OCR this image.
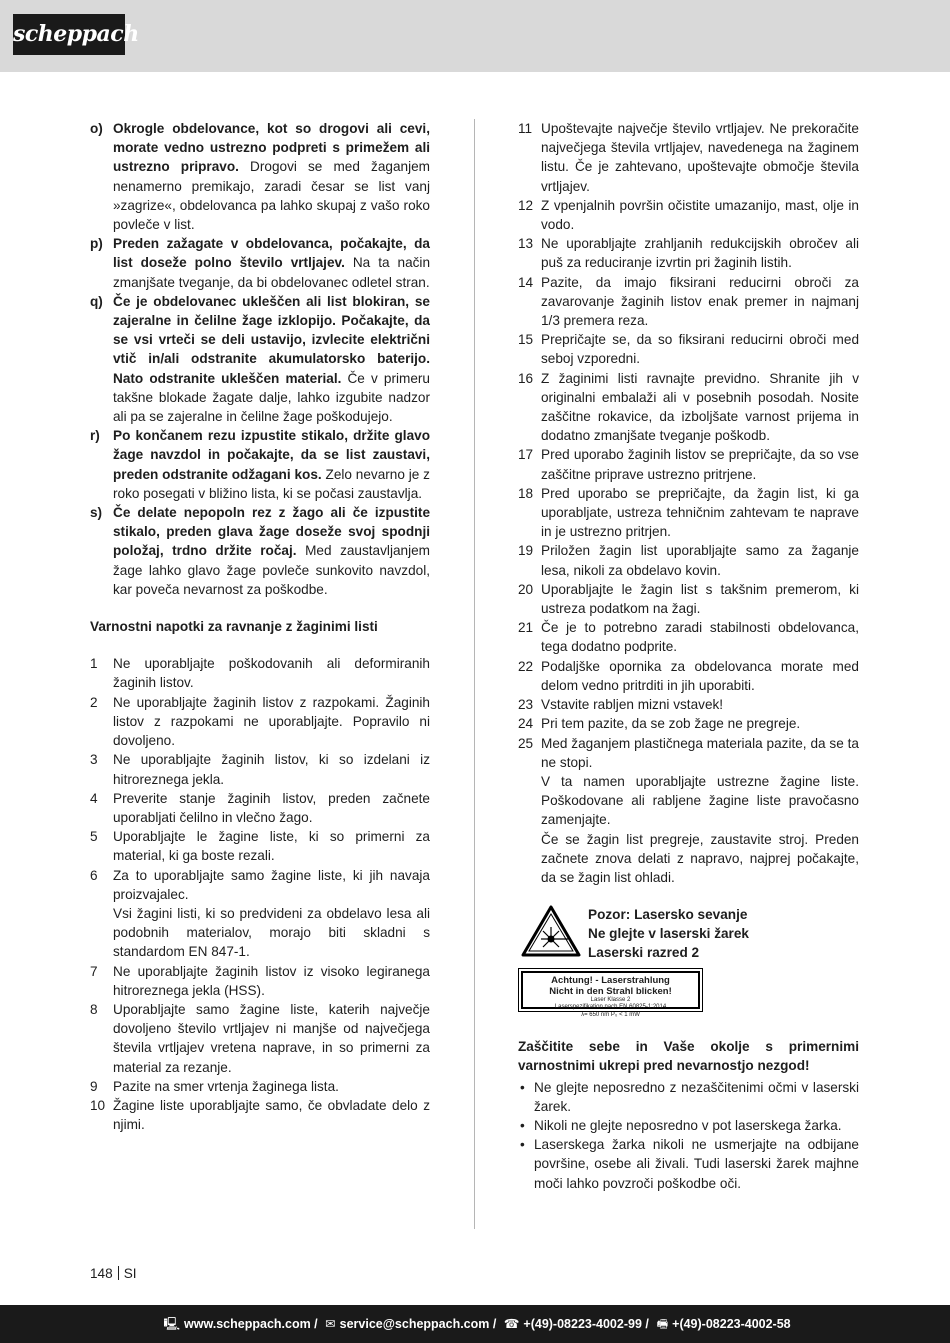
scheppach
o) Okrogle obdelovance, kot so drogovi ali cevi, morate vedno ustrezno podpreti s primežem ali ustrezno pripravo. Drogovi se med žaganjem nenamerno premikajo, zaradi česar se list vanj »zagrize«, obdelovanca pa lahko skupaj z vašo roko povleče v list.
p) Preden zažagate v obdelovanca, počakajte, da list doseže polno število vrtljajev. Na ta način zmanjšate tveganje, da bi obdelovanec odletel stran.
q) Če je obdelovanec ukleščen ali list blokiran, se zajeralne in čelilne žage izklopijo. Počakajte, da se vsi vrteči se deli ustavijo, izvlecite električni vtič in/ali odstranite akumulatorsko baterijo. Nato odstranite ukleščen material. Če v primeru takšne blokade žagate dalje, lahko izgubite nadzor ali pa se zajeralne in čelilne žage poškodujejo.
r) Po končanem rezu izpustite stikalo, držite glavo žage navzdol in počakajte, da se list zaustavi, preden odstranite odžagani kos. Zelo nevarno je z roko posegati v bližino lista, ki se počasi zaustavlja.
s) Če delate nepopoln rez z žago ali če izpustite stikalo, preden glava žage doseže svoj spodnji položaj, trdno držite ročaj. Med zaustavljanjem žage lahko glavo žage povleče sunkovito navzdol, kar poveča nevarnost za poškodbe.
Varnostni napotki za ravnanje z žaginimi listi
1 Ne uporabljajte poškodovanih ali deformiranih žaginih listov.
2 Ne uporabljajte žaginih listov z razpokami. Žaginih listov z razpokami ne uporabljajte. Popravilo ni dovoljeno.
3 Ne uporabljajte žaginih listov, ki so izdelani iz hitroreznega jekla.
4 Preverite stanje žaginih listov, preden začnete uporabljati čelilno in vlečno žago.
5 Uporabljajte le žagine liste, ki so primerni za material, ki ga boste rezali.
6 Za to uporabljajte samo žagine liste, ki jih navaja proizvajalec.
Vsi žagini listi, ki so predvideni za obdelavo lesa ali podobnih materialov, morajo biti skladni s standardom EN 847-1.
7 Ne uporabljajte žaginih listov iz visoko legiranega hitroreznega jekla (HSS).
8 Uporabljajte samo žagine liste, katerih največje dovoljeno število vrtljajev ni manjše od največjega števila vrtljajev vretena naprave, in so primerni za material za rezanje.
9 Pazite na smer vrtenja žaginega lista.
10 Žagine liste uporabljajte samo, če obvladate delo z njimi.
11 Upoštevajte največje število vrtljajev. Ne prekoračite največjega števila vrtljajev, navedenega na žaginem listu. Če je zahtevano, upoštevajte območje števila vrtljajev.
12 Z vpenjalnih površin očistite umazanijo, mast, olje in vodo.
13 Ne uporabljajte zrahljanih redukcijskih obročev ali puš za reduciranje izvrtin pri žaginih listih.
14 Pazite, da imajo fiksirani reducirni obroči za zavarovanje žaginih listov enak premer in najmanj 1/3 premera reza.
15 Prepričajte se, da so fiksirani reducirni obroči med seboj vzporedni.
16 Z žaginimi listi ravnajte previdno. Shranite jih v originalni embalaži ali v posebnih posodah. Nosite zaščitne rokavice, da izboljšate varnost prijema in dodatno zmanjšate tveganje poškodb.
17 Pred uporabo žaginih listov se prepričajte, da so vse zaščitne priprave ustrezno pritrjene.
18 Pred uporabo se prepričajte, da žagin list, ki ga uporabljate, ustreza tehničnim zahtevam te naprave in je ustrezno pritrjen.
19 Priložen žagin list uporabljajte samo za žaganje lesa, nikoli za obdelavo kovin.
20 Uporabljajte le žagin list s takšnim premerom, ki ustreza podatkom na žagi.
21 Če je to potrebno zaradi stabilnosti obdelovanca, tega dodatno podprite.
22 Podaljške opornika za obdelovanca morate med delom vedno pritrditi in jih uporabiti.
23 Vstavite rabljen mizni vstavek!
24 Pri tem pazite, da se zob žage ne pregreje.
25 Med žaganjem plastičnega materiala pazite, da se ta ne stopi.
V ta namen uporabljajte ustrezne žagine liste. Poškodovane ali rabljene žagine liste pravočasno zamenjajte.
Če se žagin list pregreje, zaustavite stroj. Preden začnete znova delati z napravo, najprej počakajte, da se žagin list ohladi.
Pozor: Lasersko sevanje
Ne glejte v laserski žarek
Laserski razred 2
Achtung! - Laserstrahlung
Nicht in den Strahl blicken!
Laser Klasse 2
Laserspezifikation nach EN 60825-1:2014
λ= 650 nm P₀ < 1 mW
Zaščitite sebe in Vaše okolje s primernimi varnostnimi ukrepi pred nevarnostjo nezgod!
• Ne glejte neposredno z nezaščitenimi očmi v laserski žarek.
• Nikoli ne glejte neposredno v pot laserskega žarka.
• Laserskega žarka nikoli ne usmerjajte na odbijane površine, osebe ali živali. Tudi laserski žarek majhne moči lahko povzroči poškodbe oči.
148 SI
🖳 www.scheppach.com / ✉ service@scheppach.com / ☎ +(49)-08223-4002-99 / 🖷 +(49)-08223-4002-58
